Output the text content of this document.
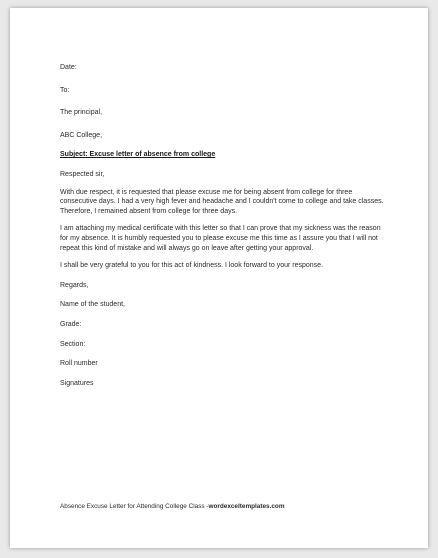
Date:

To:

The principal,

ABC College,

Subject: Excuse letter of absence from college

Respected sir,

With due respect, it is requested that please excuse me for being absent from college for three consecutive days. I had a very high fever and headache and I couldn't come to college and take classes. Therefore, I remained absent from college for three days.

I am attaching my medical certificate with this letter so that I can prove that my sickness was the reason for my absence. It is humbly requested you to please excuse me this time as I assure you that I will not repeat this kind of mistake and will always go on leave after getting your approval.

I shall be very grateful to you for this act of kindness. I look forward to your response.

Regards,

Name of the student,

Grade:

Section:

Roll number

Signatures

Absence Excuse Letter for Attending College Class -wordexceltemplates.com
